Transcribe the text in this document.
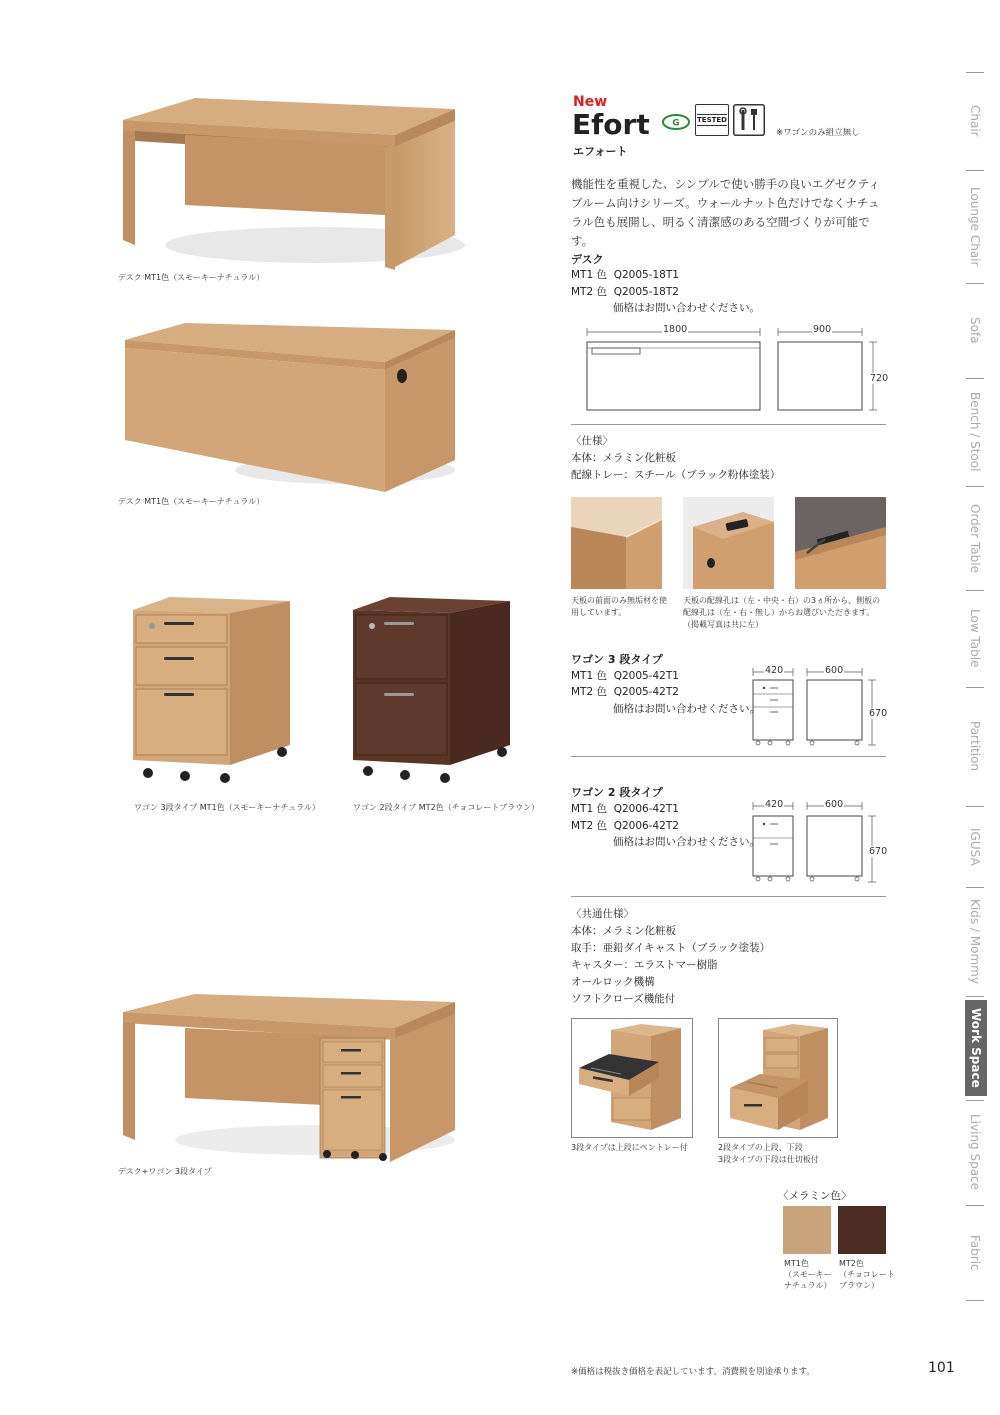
デスク MT1色（スモーキーナチュラル）
デスク MT1色（スモーキーナチュラル）
ワゴン 3段タイプ MT1色（スモーキーナチュラル）	ワゴン 2段タイプ MT2色（チョコレートブラウン）
デスク+ワゴン 3段タイプ
New
Efort
エフォート
G TESTED
※ワゴンのみ組立無し
機能性を重視した、シンプルで使い勝手の良いエグゼクティブルーム向けシリーズ。ウォールナット色だけでなくナチュラル色も展開し、明るく清潔感のある空間づくりが可能です。
デスク
MT1 色 Q2005-18T1
MT2 色 Q2005-18T2
価格はお問い合わせください。
1800	900
720
〈仕様〉
本体：メラミン化粧板
配線トレー：スチール（ブラック粉体塗装）
天板の前面のみ無垢材を使用しています。
天板の配線孔は（左・中央・右）の3ヵ所から、側板の配線孔は（左・右・無し）からお選びいただきます。
（掲載写真は共に左）
ワゴン 3 段タイプ
MT1 色 Q2005-42T1
MT2 色 Q2005-42T2
価格はお問い合わせください。
420	600
670
ワゴン 2 段タイプ
MT1 色 Q2006-42T1
MT2 色 Q2006-42T2
価格はお問い合わせください。
420	600
670
〈共通仕様〉
本体：メラミン化粧板
取手：亜鉛ダイキャスト（ブラック塗装）
キャスター：エラストマー樹脂
オールロック機構
ソフトクローズ機能付
3段タイプは上段にペントレー付	2段タイプの上段、下段
3段タイプの下段は仕切板付
〈メラミン色〉
MT1色
（スモーキー
ナチュラル）
MT2色
（チョコレート
ブラウン）
※価格は税抜き価格を表記しています。消費税を別途承ります。	101
Chair
Lounge Chair
Sofa
Bench / Stool
Order Table
Low Table
Partition
IGUSA
Kids / Mommy
Work Space
Living Space
Fabric
